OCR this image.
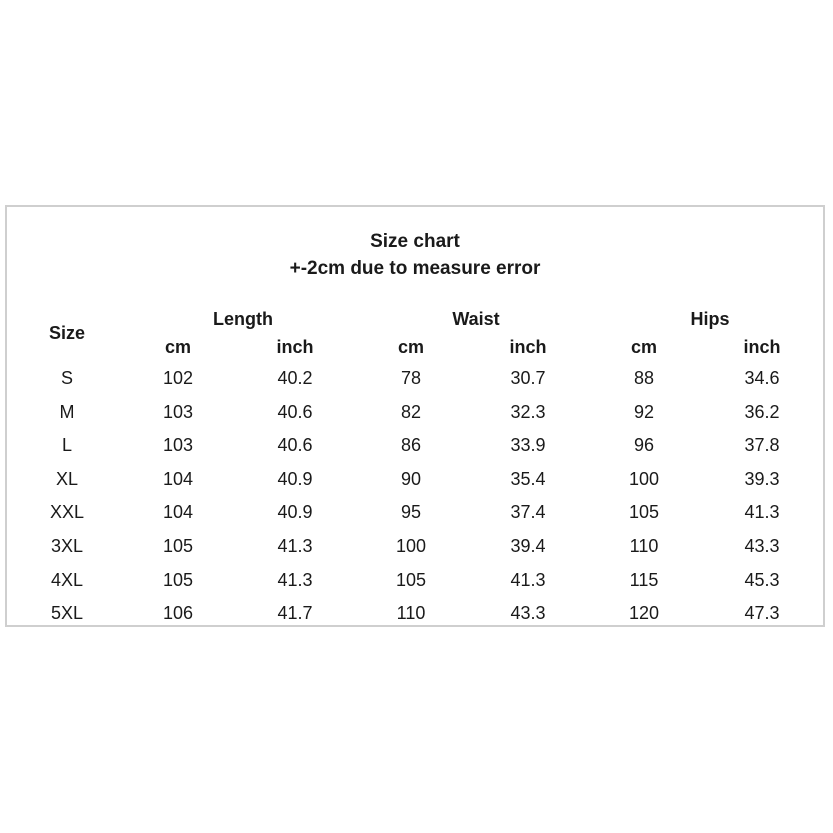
Size chart
+-2cm due to measure error
Size
Length	Waist	Hips
cm	inch	cm	inch	cm	inch
S	102	40.2	78	30.7	88	34.6
M	103	40.6	82	32.3	92	36.2
L	103	40.6	86	33.9	96	37.8
XL	104	40.9	90	35.4	100	39.3
XXL	104	40.9	95	37.4	105	41.3
3XL	105	41.3	100	39.4	110	43.3
4XL	105	41.3	105	41.3	115	45.3
5XL	106	41.7	110	43.3	120	47.3
